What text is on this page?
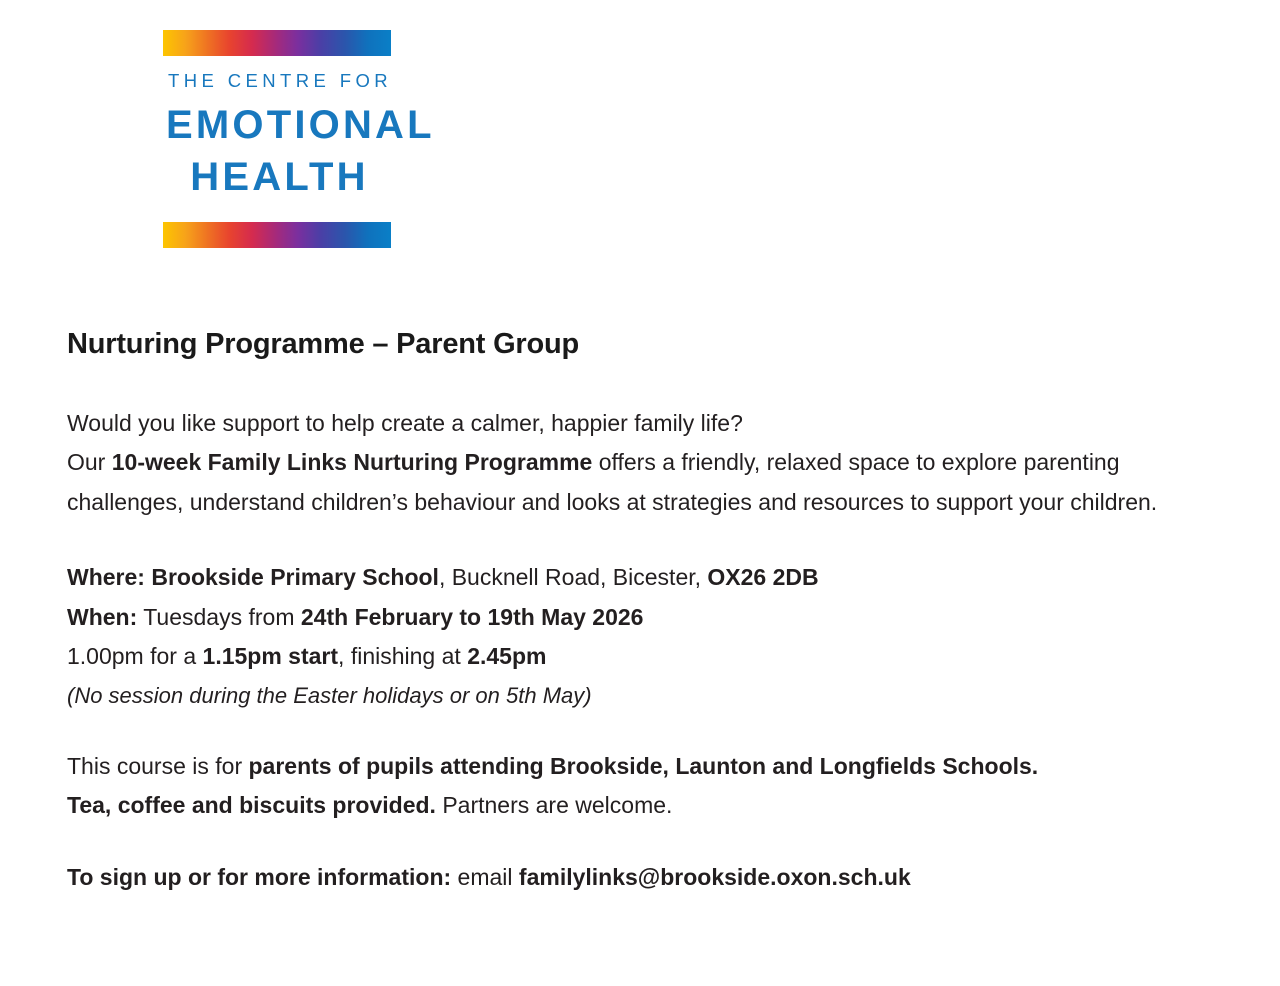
THE CENTRE FOR
EMOTIONAL
HEALTH
Nurturing Programme – Parent Group

Would you like support to help create a calmer, happier family life?
Our 10-week Family Links Nurturing Programme offers a friendly, relaxed space to explore parenting challenges, understand children’s behaviour and looks at strategies and resources to support your children.

Where: Brookside Primary School, Bucknell Road, Bicester, OX26 2DB
When: Tuesdays from 24th February to 19th May 2026
1.00pm for a 1.15pm start, finishing at 2.45pm

(No session during the Easter holidays or on 5th May)

This course is for parents of pupils attending Brookside, Launton and Longfields Schools.
Tea, coffee and biscuits provided. Partners are welcome.

To sign up or for more information: email familylinks@brookside.oxon.sch.uk
